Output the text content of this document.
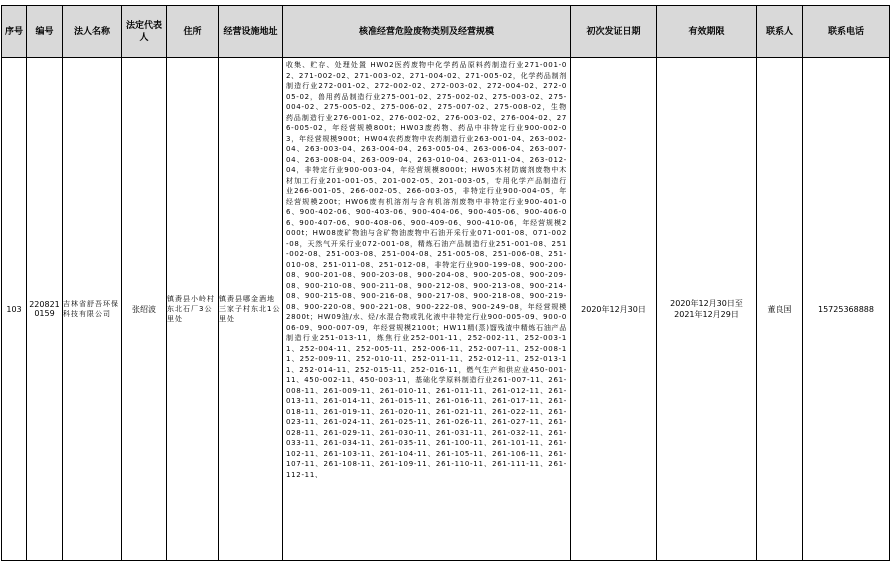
序号	编号	法人名称	法定代表人	住所	经营设施地址	核准经营危险废物类别及经营规模	初次发证日期	有效期限	联系人	联系电话
103	2208210159	吉林省舒吾环保科技有限公司	张绍波	镇赉县小岭村东北石厂3公里处	镇赉县哪金酒地三家子村东北1公里处	收集、贮存、处理处置 HW02医药废物中化学药品原料药制造行业271-001-02、271-002-02、271-003-02、271-004-02、271-005-02，化学药品制剂制造行业272-001-02、272-002-02、272-003-02、272-004-02、272-005-02，兽用药品制造行业275-001-02、275-002-02、275-003-02、275-004-02、275-005-02、275-006-02、275-007-02、275-008-02，生物药品制造行业276-001-02、276-002-02、276-003-02、276-004-02、276-005-02，年经营规模800t；HW03废药物、药品中非特定行业900-002-03，年经营规模900t；HW04农药废物中农药制造行业263-001-04、263-002-04、263-003-04、263-004-04、263-005-04、263-006-04、263-007-04、263-008-04、263-009-04、263-010-04、263-011-04、263-012-04，非特定行业900-003-04，年经营规模8000t；HW05木材防腐剂废物中木材加工行业201-001-05、201-002-05、201-003-05，专用化学产品制造行业266-001-05、266-002-05、266-003-05，非特定行业900-004-05，年经营规模200t；HW06废有机溶剂与含有机溶剂废物中非特定行业900-401-06、900-402-06、900-403-06、900-404-06、900-405-06、900-406-06、900-407-06、900-408-06、900-409-06、900-410-06，年经营规模2000t；HW08废矿物油与含矿物油废物中石油开采行业071-001-08、071-002-08，天然气开采行业072-001-08，精炼石油产品制造行业251-001-08、251-002-08、251-003-08、251-004-08、251-005-08、251-006-08、251-010-08、251-011-08、251-012-08，非特定行业900-199-08、900-200-08、900-201-08、900-203-08、900-204-08、900-205-08、900-209-08、900-210-08、900-211-08、900-212-08、900-213-08、900-214-08、900-215-08、900-216-08、900-217-08、900-218-08、900-219-08、900-220-08、900-221-08、900-222-08、900-249-08，年经营规模2800t；HW09油/水、烃/水混合物或乳化液中非特定行业900-005-09、900-006-09、900-007-09，年经营规模2100t；HW11精(蒸)馏残渣中精炼石油产品制造行业251-013-11，炼焦行业252-001-11、252-002-11、252-003-11、252-004-11、252-005-11、252-006-11、252-007-11、252-008-11、252-009-11、252-010-11、252-011-11、252-012-11、252-013-11、252-014-11、252-015-11、252-016-11，燃气生产和供应业450-001-11、450-002-11、450-003-11，基础化学原料制造行业261-007-11、261-008-11、261-009-11、261-010-11、261-011-11、261-012-11、261-013-11、261-014-11、261-015-11、261-016-11、261-017-11、261-018-11、261-019-11、261-020-11、261-021-11、261-022-11、261-023-11、261-024-11、261-025-11、261-026-11、261-027-11、261-028-11、261-029-11、261-030-11、261-031-11、261-032-11、261-033-11、261-034-11、261-035-11、261-100-11、261-101-11、261-102-11、261-103-11、261-104-11、261-105-11、261-106-11、261-107-11、261-108-11、261-109-11、261-110-11、261-111-11、261-112-11、	2020年12月30日	2020年12月30日至2021年12月29日	董良国	15725368888
